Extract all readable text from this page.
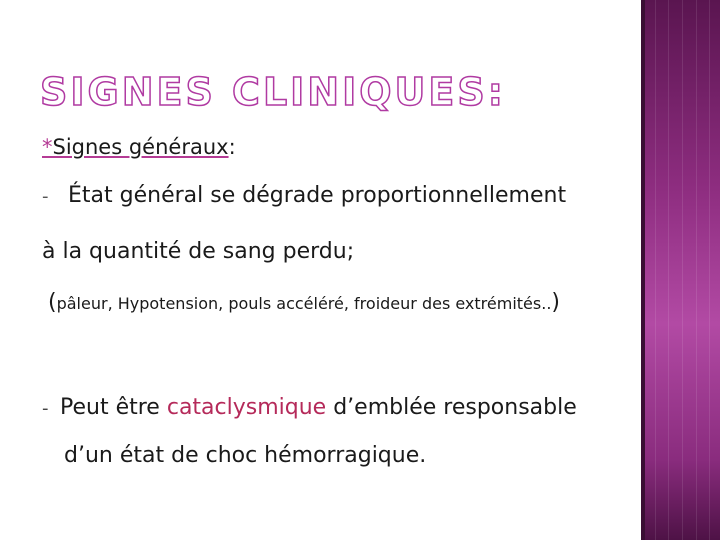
SIGNES CLINIQUES:

*Signes généraux:

- État général se dégrade proportionnellement

à la quantité de sang perdu;

(pâleur, Hypotension, pouls accéléré, froideur des extrémités..)

- Peut être cataclysmique d’emblée responsable

d’un état de choc hémorragique.
